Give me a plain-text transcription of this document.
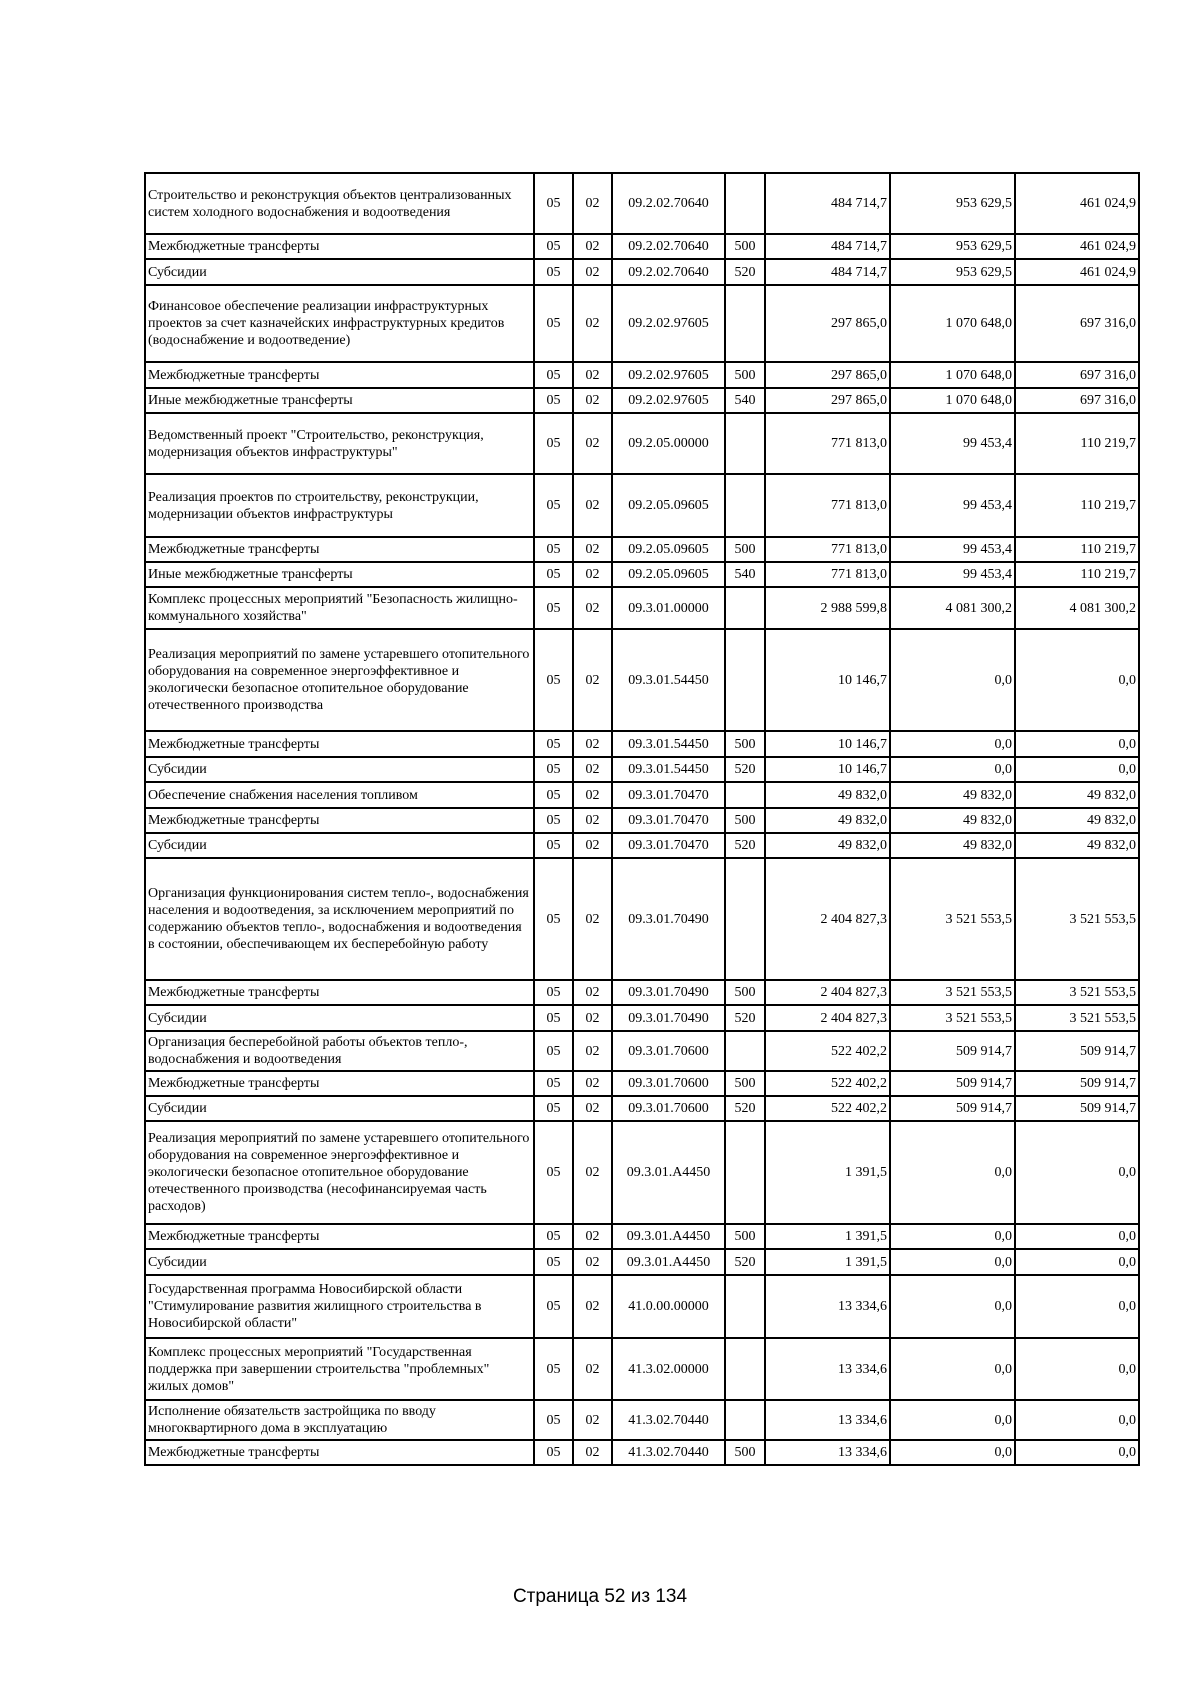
Строительство и реконструкция объектов централизованных систем холодного водоснабжения и водоотведения	05	02	09.2.02.70640		484 714,7	953 629,5	461 024,9
Межбюджетные трансферты	05	02	09.2.02.70640	500	484 714,7	953 629,5	461 024,9
Субсидии	05	02	09.2.02.70640	520	484 714,7	953 629,5	461 024,9
Финансовое обеспечение реализации инфраструктурных проектов за счет казначейских инфраструктурных кредитов (водоснабжение и водоотведение)	05	02	09.2.02.97605		297 865,0	1 070 648,0	697 316,0
Межбюджетные трансферты	05	02	09.2.02.97605	500	297 865,0	1 070 648,0	697 316,0
Иные межбюджетные трансферты	05	02	09.2.02.97605	540	297 865,0	1 070 648,0	697 316,0
Ведомственный проект "Строительство, реконструкция, модернизация объектов инфраструктуры"	05	02	09.2.05.00000		771 813,0	99 453,4	110 219,7
Реализация проектов по строительству, реконструкции, модернизации объектов инфраструктуры	05	02	09.2.05.09605		771 813,0	99 453,4	110 219,7
Межбюджетные трансферты	05	02	09.2.05.09605	500	771 813,0	99 453,4	110 219,7
Иные межбюджетные трансферты	05	02	09.2.05.09605	540	771 813,0	99 453,4	110 219,7
Комплекс процессных мероприятий "Безопасность жилищно-коммунального хозяйства"	05	02	09.3.01.00000		2 988 599,8	4 081 300,2	4 081 300,2
Реализация мероприятий по замене устаревшего отопительного оборудования на современное энергоэффективное и экологически безопасное отопительное оборудование отечественного производства	05	02	09.3.01.54450		10 146,7	0,0	0,0
Межбюджетные трансферты	05	02	09.3.01.54450	500	10 146,7	0,0	0,0
Субсидии	05	02	09.3.01.54450	520	10 146,7	0,0	0,0
Обеспечение снабжения населения топливом	05	02	09.3.01.70470		49 832,0	49 832,0	49 832,0
Межбюджетные трансферты	05	02	09.3.01.70470	500	49 832,0	49 832,0	49 832,0
Субсидии	05	02	09.3.01.70470	520	49 832,0	49 832,0	49 832,0
Организация функционирования систем тепло-, водоснабжения населения и водоотведения, за исключением мероприятий по содержанию объектов тепло-, водоснабжения и водоотведения в состоянии, обеспечивающем их бесперебойную работу	05	02	09.3.01.70490		2 404 827,3	3 521 553,5	3 521 553,5
Межбюджетные трансферты	05	02	09.3.01.70490	500	2 404 827,3	3 521 553,5	3 521 553,5
Субсидии	05	02	09.3.01.70490	520	2 404 827,3	3 521 553,5	3 521 553,5
Организация бесперебойной работы объектов тепло-, водоснабжения и водоотведения	05	02	09.3.01.70600		522 402,2	509 914,7	509 914,7
Межбюджетные трансферты	05	02	09.3.01.70600	500	522 402,2	509 914,7	509 914,7
Субсидии	05	02	09.3.01.70600	520	522 402,2	509 914,7	509 914,7
Реализация мероприятий по замене устаревшего отопительного оборудования на современное энергоэффективное и экологически безопасное отопительное оборудование отечественного производства (несофинансируемая часть расходов)	05	02	09.3.01.А4450		1 391,5	0,0	0,0
Межбюджетные трансферты	05	02	09.3.01.А4450	500	1 391,5	0,0	0,0
Субсидии	05	02	09.3.01.А4450	520	1 391,5	0,0	0,0
Государственная программа Новосибирской области "Стимулирование развития жилищного строительства в Новосибирской области"	05	02	41.0.00.00000		13 334,6	0,0	0,0
Комплекс процессных мероприятий "Государственная поддержка при завершении строительства "проблемных" жилых домов"	05	02	41.3.02.00000		13 334,6	0,0	0,0
Исполнение обязательств застройщика по вводу многоквартирного дома в эксплуатацию	05	02	41.3.02.70440		13 334,6	0,0	0,0
Межбюджетные трансферты	05	02	41.3.02.70440	500	13 334,6	0,0	0,0
Страница 52 из 134
